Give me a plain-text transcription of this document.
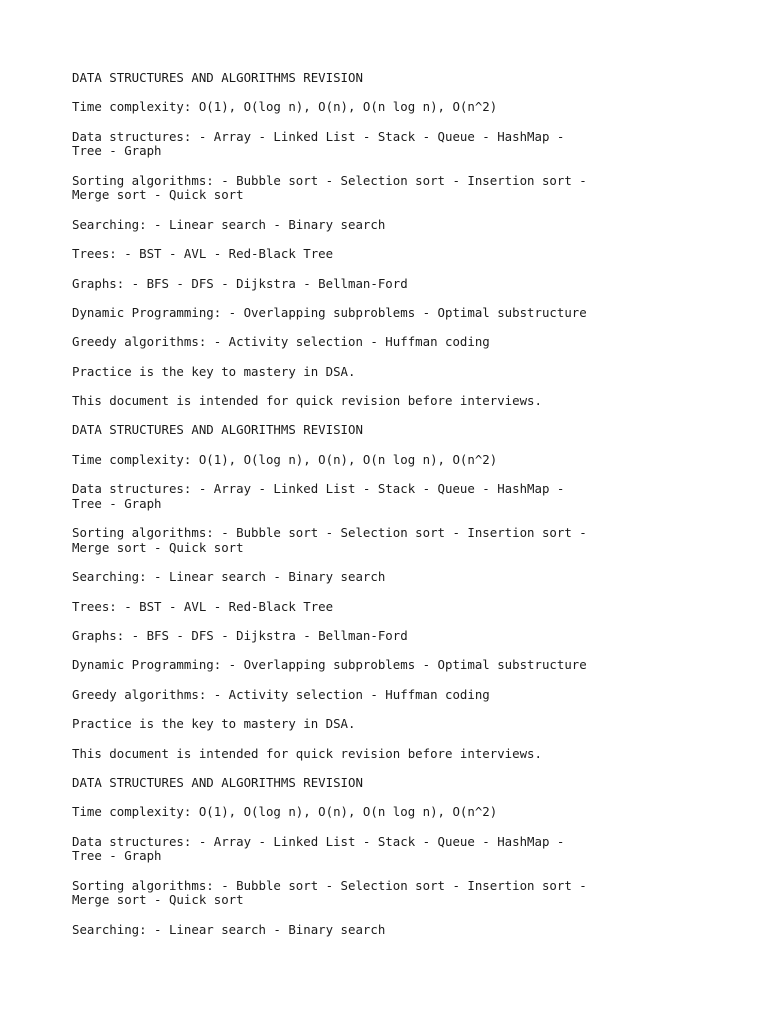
DATA STRUCTURES AND ALGORITHMS REVISION

Time complexity: O(1), O(log n), O(n), O(n log n), O(n^2)

Data structures: - Array - Linked List - Stack - Queue - HashMap -
Tree - Graph

Sorting algorithms: - Bubble sort - Selection sort - Insertion sort -
Merge sort - Quick sort

Searching: - Linear search - Binary search

Trees: - BST - AVL - Red-Black Tree

Graphs: - BFS - DFS - Dijkstra - Bellman-Ford

Dynamic Programming: - Overlapping subproblems - Optimal substructure

Greedy algorithms: - Activity selection - Huffman coding

Practice is the key to mastery in DSA.

This document is intended for quick revision before interviews.

DATA STRUCTURES AND ALGORITHMS REVISION

Time complexity: O(1), O(log n), O(n), O(n log n), O(n^2)

Data structures: - Array - Linked List - Stack - Queue - HashMap -
Tree - Graph

Sorting algorithms: - Bubble sort - Selection sort - Insertion sort -
Merge sort - Quick sort

Searching: - Linear search - Binary search

Trees: - BST - AVL - Red-Black Tree

Graphs: - BFS - DFS - Dijkstra - Bellman-Ford

Dynamic Programming: - Overlapping subproblems - Optimal substructure

Greedy algorithms: - Activity selection - Huffman coding

Practice is the key to mastery in DSA.

This document is intended for quick revision before interviews.

DATA STRUCTURES AND ALGORITHMS REVISION

Time complexity: O(1), O(log n), O(n), O(n log n), O(n^2)

Data structures: - Array - Linked List - Stack - Queue - HashMap -
Tree - Graph

Sorting algorithms: - Bubble sort - Selection sort - Insertion sort -
Merge sort - Quick sort

Searching: - Linear search - Binary search
